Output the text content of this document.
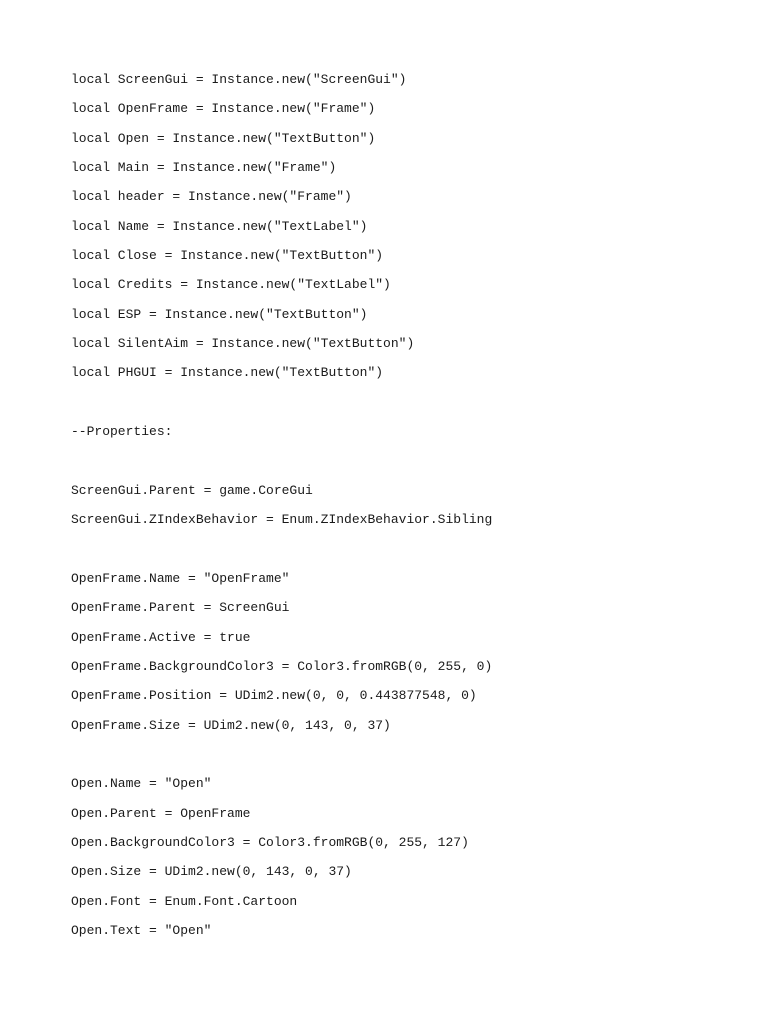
local ScreenGui = Instance.new("ScreenGui")
local OpenFrame = Instance.new("Frame")
local Open = Instance.new("TextButton")
local Main = Instance.new("Frame")
local header = Instance.new("Frame")
local Name = Instance.new("TextLabel")
local Close = Instance.new("TextButton")
local Credits = Instance.new("TextLabel")
local ESP = Instance.new("TextButton")
local SilentAim = Instance.new("TextButton")
local PHGUI = Instance.new("TextButton")
--Properties:
ScreenGui.Parent = game.CoreGui
ScreenGui.ZIndexBehavior = Enum.ZIndexBehavior.Sibling
OpenFrame.Name = "OpenFrame"
OpenFrame.Parent = ScreenGui
OpenFrame.Active = true
OpenFrame.BackgroundColor3 = Color3.fromRGB(0, 255, 0)
OpenFrame.Position = UDim2.new(0, 0, 0.443877548, 0)
OpenFrame.Size = UDim2.new(0, 143, 0, 37)
Open.Name = "Open"
Open.Parent = OpenFrame
Open.BackgroundColor3 = Color3.fromRGB(0, 255, 127)
Open.Size = UDim2.new(0, 143, 0, 37)
Open.Font = Enum.Font.Cartoon
Open.Text = "Open"
